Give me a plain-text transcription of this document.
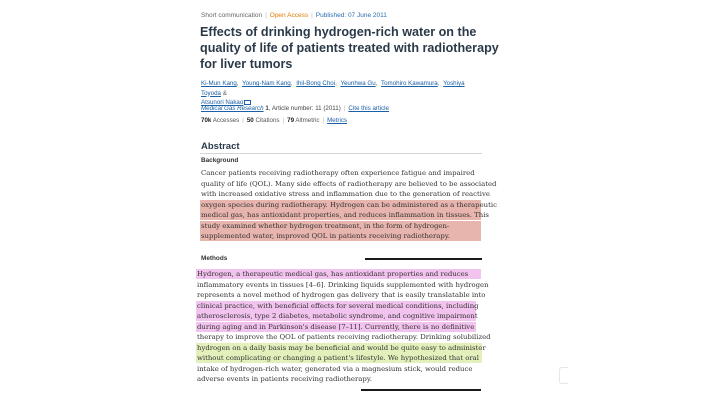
Short communication | Open Access | Published: 07 June 2011
Effects of drinking hydrogen-rich water on the quality of life of patients treated with radiotherapy for liver tumors
Ki-Mun Kang, Young-Nam Kang, Ihil-Bong Choi, Yeunhwa Gu, Tomohiro Kawamura, Yoshiya Toyoda &
Atsunori Nakao
Medical Gas Research 1, Article number: 11 (2011) | Cite this article
70k Accesses | 50 Citations | 79 Altmetric | Metrics
Abstract
Background
Cancer patients receiving radiotherapy often experience fatigue and impaired
quality of life (QOL). Many side effects of radiotherapy are believed to be associated
with increased oxidative stress and inflammation due to the generation of reactive
oxygen species during radiotherapy. Hydrogen can be administered as a therapeutic
medical gas, has antioxidant properties, and reduces inflammation in tissues. This
study examined whether hydrogen treatment, in the form of hydrogen-
supplemented water, improved QOL in patients receiving radiotherapy.
Methods
Hydrogen, a therapeutic medical gas, has antioxidant properties and reduces
inflammatory events in tissues [4–6]. Drinking liquids supplemented with hydrogen
represents a novel method of hydrogen gas delivery that is easily translatable into
clinical practice, with beneficial effects for several medical conditions, including
atherosclerosis, type 2 diabetes, metabolic syndrome, and cognitive impairment
during aging and in Parkinson's disease [7–11]. Currently, there is no definitive
therapy to improve the QOL of patients receiving radiotherapy. Drinking solubilized
hydrogen on a daily basis may be beneficial and would be quite easy to administer
without complicating or changing a patient's lifestyle. We hypothesized that oral
intake of hydrogen-rich water, generated via a magnesium stick, would reduce
adverse events in patients receiving radiotherapy.
